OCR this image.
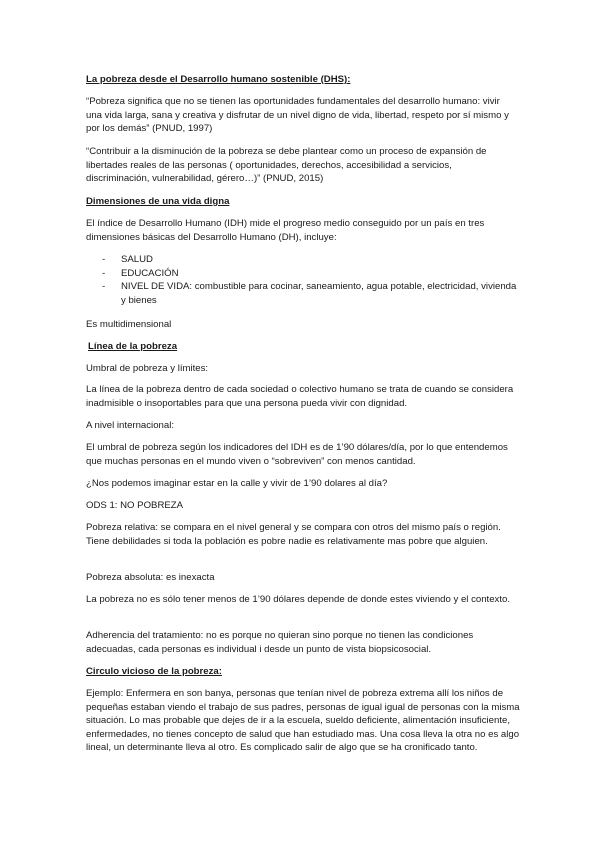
La pobreza desde el Desarrollo humano sostenible (DHS):

“Pobreza significa que no se tienen las oportunidades fundamentales del desarrollo humano: vivir una vida larga, sana y creativa y disfrutar de un nivel digno de vida, libertad, respeto por sí mismo y por los demás” (PNUD, 1997)

“Contribuir a la disminución de la pobreza se debe plantear como un proceso de expansión de libertades reales de las personas ( oportunidades, derechos, accesibilidad a servicios, discriminación, vulnerabilidad, gérero…)” (PNUD, 2015)

Dimensiones de una vida digna

El índice de Desarrollo Humano (IDH) mide el progreso medio conseguido por un país en tres dimensiones básicas del Desarrollo Humano (DH), incluye:

- SALUD
- EDUCACIÓN
- NIVEL DE VIDA: combustible para cocinar, saneamiento, agua potable, electricidad, vivienda y bienes

Es multidimensional

Línea de la pobreza

Umbral de pobreza y límites:

La línea de la pobreza dentro de cada sociedad o colectivo humano se trata de cuando se considera inadmisible o insoportables para que una persona pueda vivir con dignidad.

A nivel internacional:

El umbral de pobreza según los indicadores del IDH es de 1’90 dólares/día, por lo que entendemos que muchas personas en el mundo viven o “sobreviven” con menos cantidad.

¿Nos podemos imaginar estar en la calle y vivir de 1’90 dolares al día?

ODS 1: NO POBREZA

Pobreza relativa: se compara en el nivel general y se compara con otros del mismo país o región. Tiene debilidades si toda la población es pobre nadie es relativamente mas pobre que alguien.

Pobreza absoluta: es inexacta

La pobreza no es sólo tener menos de 1’90 dólares depende de donde estes viviendo y el contexto.

Adherencia del tratamiento: no es porque no quieran sino porque no tienen las condiciones adecuadas, cada personas es individual i desde un punto de vista biopsicosocial.

Circulo vicioso de la pobreza:

Ejemplo: Enfermera en son banya, personas que tenían nivel de pobreza extrema allí los niños de pequeñas estaban viendo el trabajo de sus padres, personas de igual igual de personas con la misma situación. Lo mas probable que dejes de ir a la escuela, sueldo deficiente, alimentación insuficiente, enfermedades, no tienes concepto de salud que han estudiado mas. Una cosa lleva la otra no es algo lineal, un determinante lleva al otro. Es complicado salir de algo que se ha cronificado tanto.
